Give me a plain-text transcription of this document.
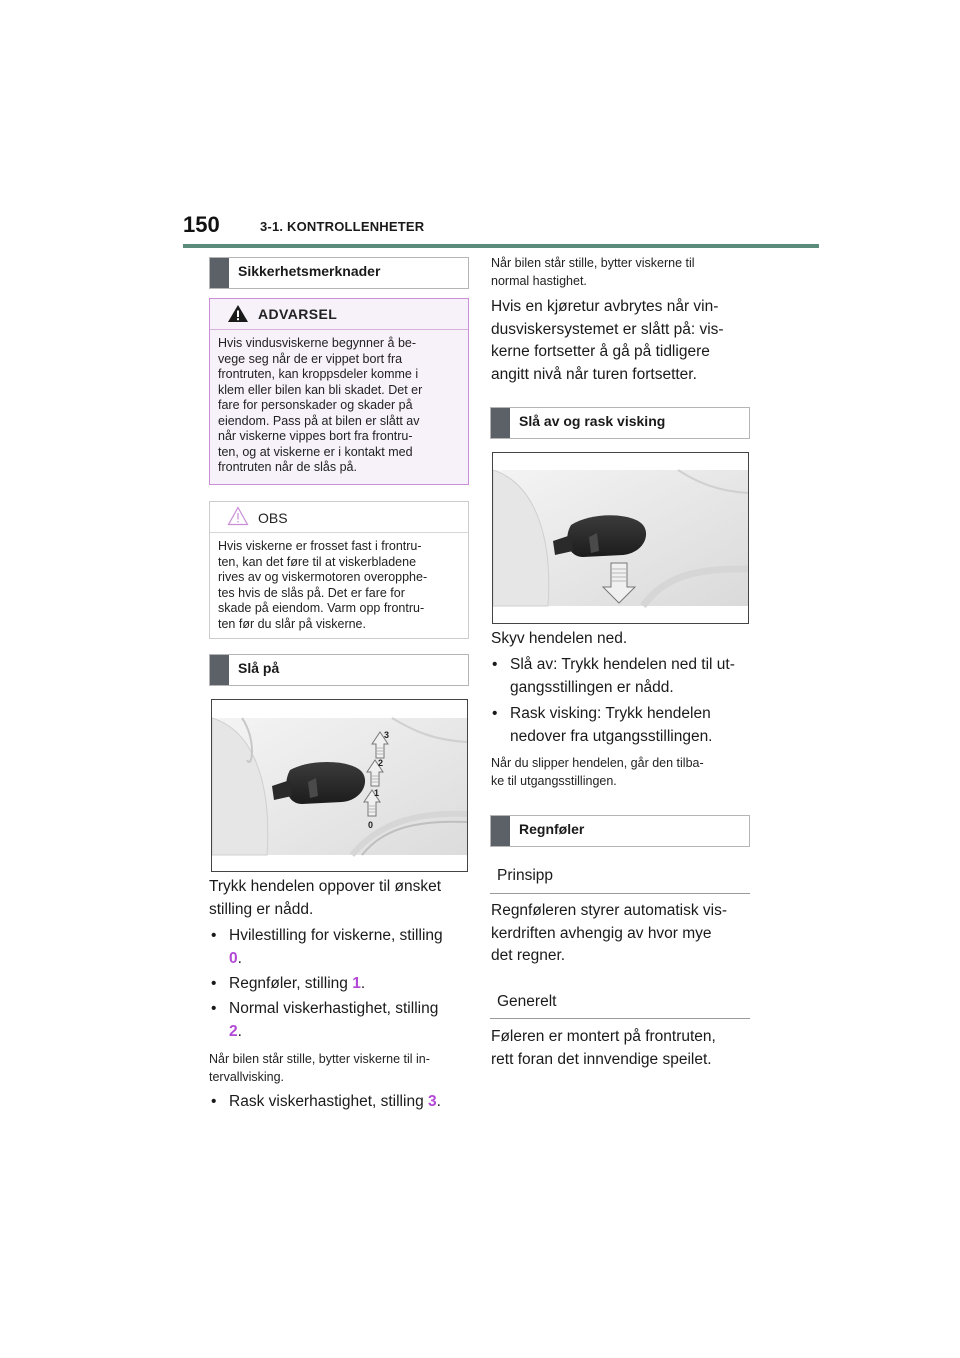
150	3-1. KONTROLLENHETER
Sikkerhetsmerknader
ADVARSEL
Hvis vindusviskerne begynner å be-
vege seg når de er vippet bort fra
frontruten, kan kroppsdeler komme i
klem eller bilen kan bli skadet. Det er
fare for personskader og skader på
eiendom. Pass på at bilen er slått av
når viskerne vippes bort fra frontru-
ten, og at viskerne er i kontakt med
frontruten når de slås på.
OBS
Hvis viskerne er frosset fast i frontru-
ten, kan det føre til at viskerbladene
rives av og viskermotoren overopphe-
tes hvis de slås på. Det er fare for
skade på eiendom. Varm opp frontru-
ten før du slår på viskerne.
Slå på
3
2
1
0
Trykk hendelen oppover til ønsket
stilling er nådd.
• Hvilestilling for viskerne, stilling
0.
• Regnføler, stilling 1.
• Normal viskerhastighet, stilling
2.
Når bilen står stille, bytter viskerne til in-
tervallvisking.
• Rask viskerhastighet, stilling 3.
Når bilen står stille, bytter viskerne til
normal hastighet.
Hvis en kjøretur avbrytes når vin-
dusviskersystemet er slått på: vis-
kerne fortsetter å gå på tidligere
angitt nivå når turen fortsetter.
Slå av og rask visking
Skyv hendelen ned.
• Slå av: Trykk hendelen ned til ut-
gangsstillingen er nådd.
• Rask visking: Trykk hendelen
nedover fra utgangsstillingen.
Når du slipper hendelen, går den tilba-
ke til utgangsstillingen.
Regnføler
Prinsipp
Regnføleren styrer automatisk vis-
kerdriften avhengig av hvor mye
det regner.
Generelt
Føleren er montert på frontruten,
rett foran det innvendige speilet.
